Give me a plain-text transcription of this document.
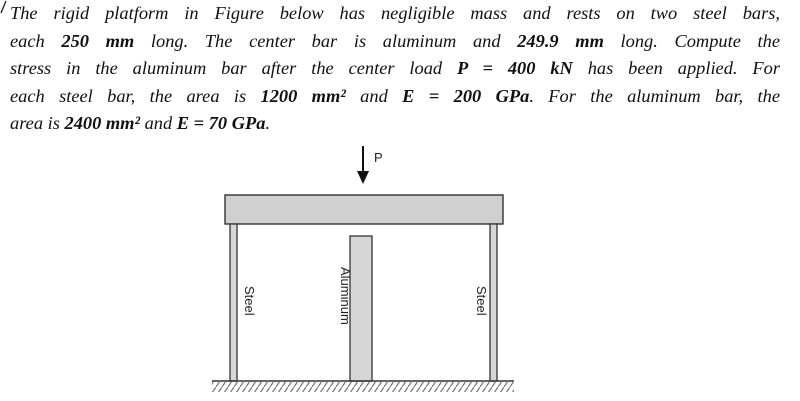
The rigid platform in Figure below has negligible mass and rests on two steel bars,
each 250 mm long. The center bar is aluminum and 249.9 mm long. Compute the
stress in the aluminum bar after the center load P = 400 kN has been applied. For
each steel bar, the area is 1200 mm² and E = 200 GPa. For the aluminum bar, the
area is 2400 mm² and E = 70 GPa.
P
Steel	Aluminum	Steel
